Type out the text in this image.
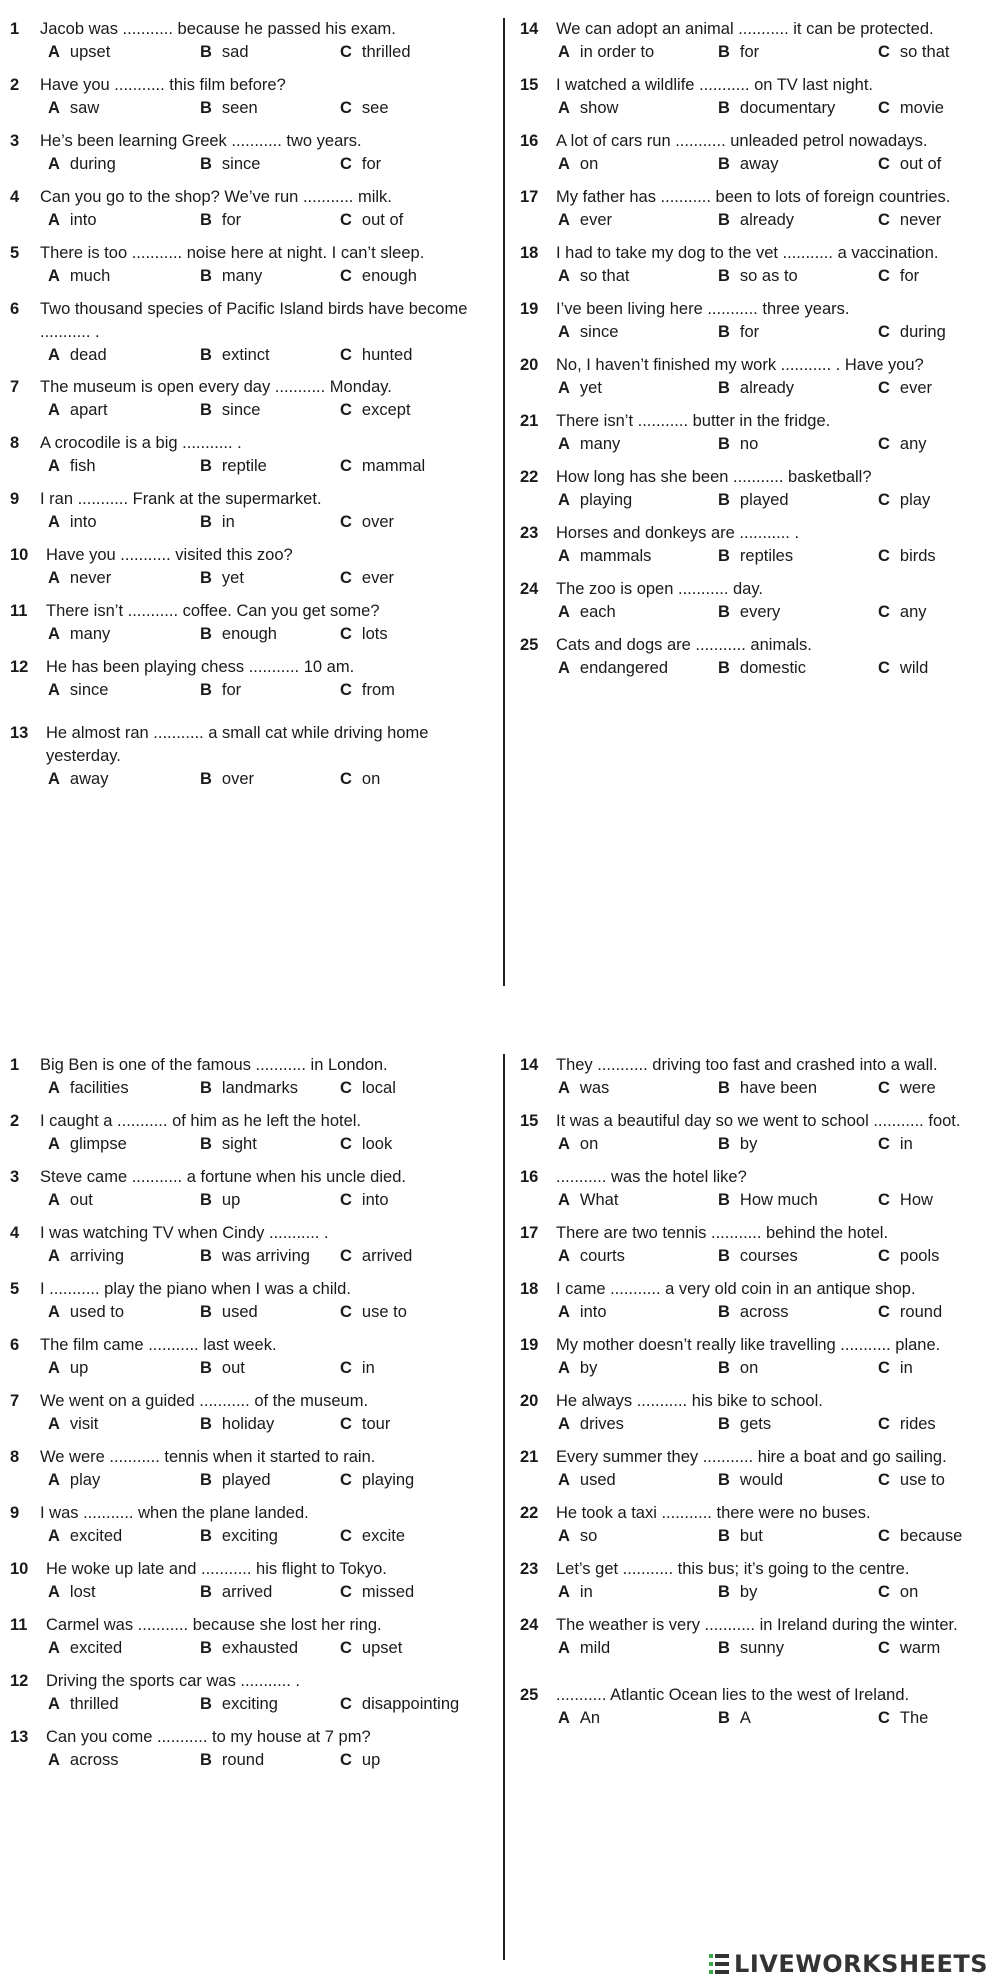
1	Jacob was ........... because he passed his exam.
A upset	B sad	C thrilled
2	Have you ........... this film before?
A saw	B seen	C see
3	He’s been learning Greek ........... two years.
A during	B since	C for
4	Can you go to the shop? We’ve run ........... milk.
A into	B for	C out of
5	There is too ........... noise here at night. I can’t sleep.
A much	B many	C enough
6	Two thousand species of Pacific Island birds have become ........... .
A dead	B extinct	C hunted
7	The museum is open every day ........... Monday.
A apart	B since	C except
8	A crocodile is a big ........... .
A fish	B reptile	C mammal
9	I ran ........... Frank at the supermarket.
A into	B in	C over
10	Have you ........... visited this zoo?
A never	B yet	C ever
11	There isn’t ........... coffee. Can you get some?
A many	B enough	C lots
12	He has been playing chess ........... 10 am.
A since	B for	C from
13	He almost ran ........... a small cat while driving home yesterday.
A away	B over	C on
14	We can adopt an animal ........... it can be protected.
A in order to	B for	C so that
15	I watched a wildlife ........... on TV last night.
A show	B documentary	C movie
16	A lot of cars run ........... unleaded petrol nowadays.
A on	B away	C out of
17	My father has ........... been to lots of foreign countries.
A ever	B already	C never
18	I had to take my dog to the vet ........... a vaccination.
A so that	B so as to	C for
19	I’ve been living here ........... three years.
A since	B for	C during
20	No, I haven’t finished my work ........... . Have you?
A yet	B already	C ever
21	There isn’t ........... butter in the fridge.
A many	B no	C any
22	How long has she been ........... basketball?
A playing	B played	C play
23	Horses and donkeys are ........... .
A mammals	B reptiles	C birds
24	The zoo is open ........... day.
A each	B every	C any
25	Cats and dogs are ........... animals.
A endangered	B domestic	C wild
1	Big Ben is one of the famous ........... in London.
A facilities	B landmarks	C local
2	I caught a ........... of him as he left the hotel.
A glimpse	B sight	C look
3	Steve came ........... a fortune when his uncle died.
A out	B up	C into
4	I was watching TV when Cindy ........... .
A arriving	B was arriving	C arrived
5	I ........... play the piano when I was a child.
A used to	B used	C use to
6	The film came ........... last week.
A up	B out	C in
7	We went on a guided ........... of the museum.
A visit	B holiday	C tour
8	We were ........... tennis when it started to rain.
A play	B played	C playing
9	I was ........... when the plane landed.
A excited	B exciting	C excite
10	He woke up late and ........... his flight to Tokyo.
A lost	B arrived	C missed
11	Carmel was ........... because she lost her ring.
A excited	B exhausted	C upset
12	Driving the sports car was ........... .
A thrilled	B exciting	C disappointing
13	Can you come ........... to my house at 7 pm?
A across	B round	C up
14	They ........... driving too fast and crashed into a wall.
A was	B have been	C were
15	It was a beautiful day so we went to school ........... foot.
A on	B by	C in
16	........... was the hotel like?
A What	B How much	C How
17	There are two tennis ........... behind the hotel.
A courts	B courses	C pools
18	I came ........... a very old coin in an antique shop.
A into	B across	C round
19	My mother doesn’t really like travelling ........... plane.
A by	B on	C in
20	He always ........... his bike to school.
A drives	B gets	C rides
21	Every summer they ........... hire a boat and go sailing.
A used	B would	C use to
22	He took a taxi ........... there were no buses.
A so	B but	C because
23	Let’s get ........... this bus; it’s going to the centre.
A in	B by	C on
24	The weather is very ........... in Ireland during the winter.
A mild	B sunny	C warm
25	........... Atlantic Ocean lies to the west of Ireland.
A An	B A	C The
LIVEWORKSHEETS
